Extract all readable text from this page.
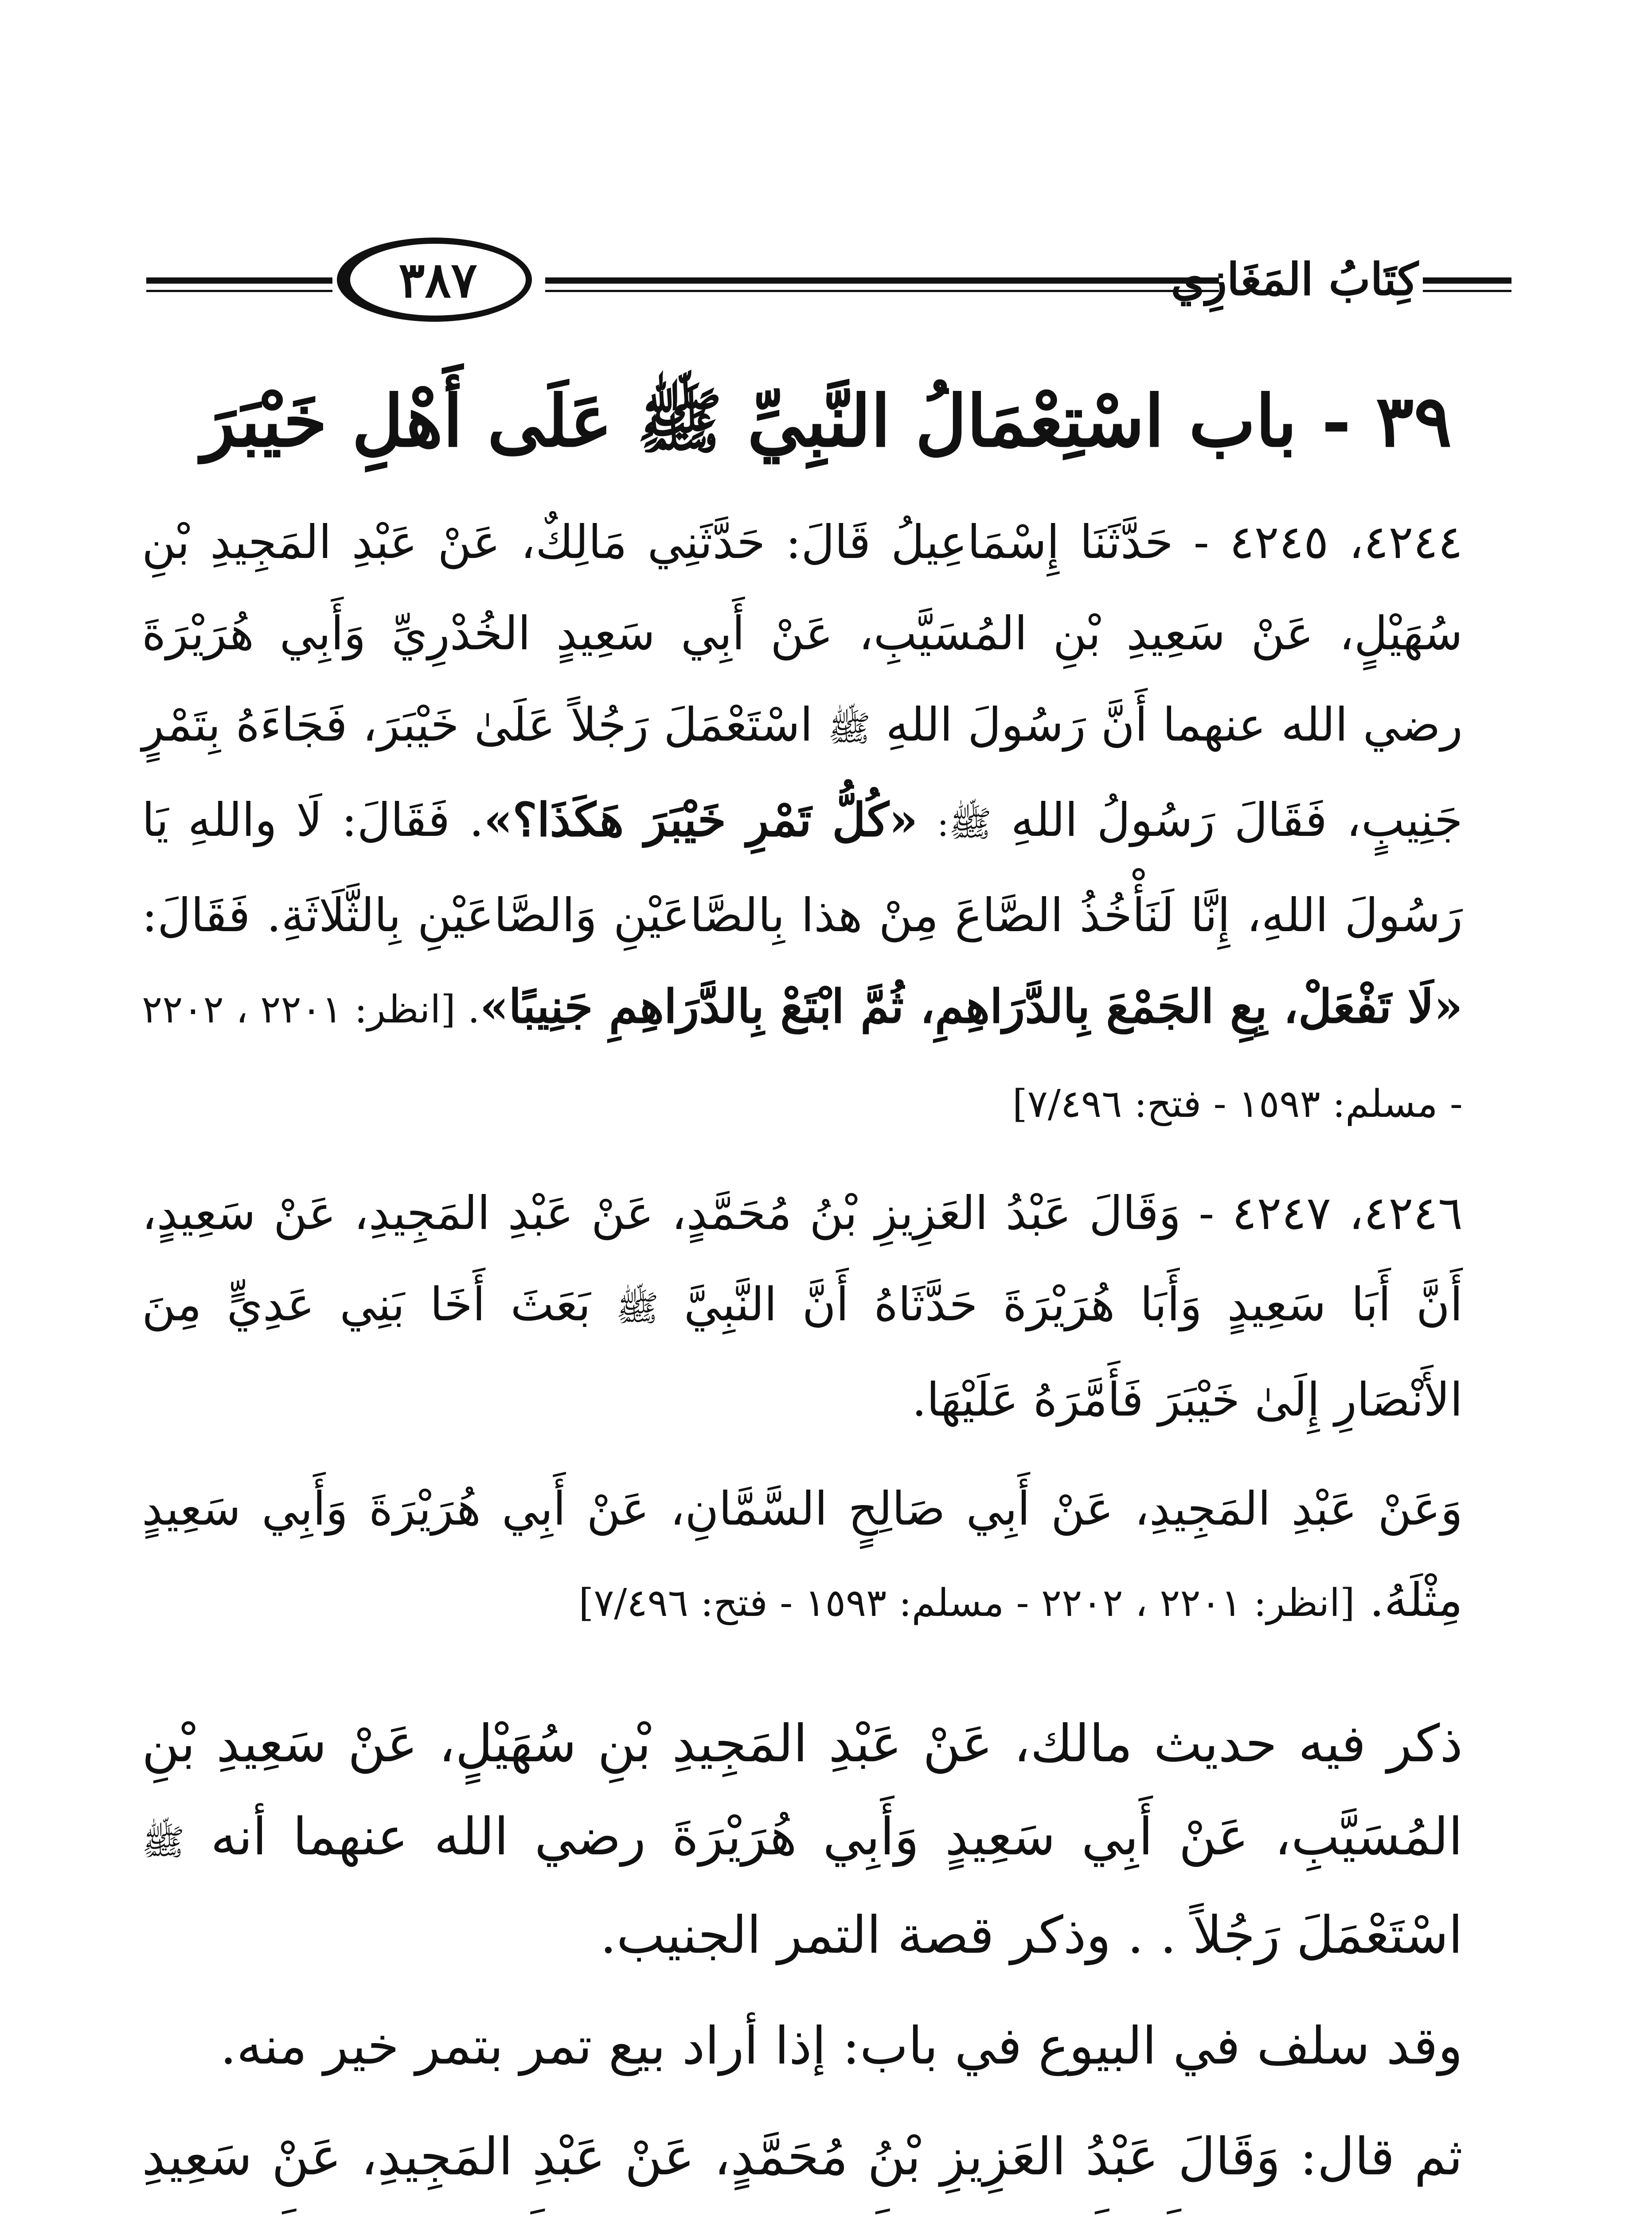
٣٨٧	كِتَابُ المَغَازِي
٣٩ - باب اسْتِعْمَالُ النَّبِيِّ ﷺ عَلَى أَهْلِ خَيْبَرَ

٤٢٤٤، ٤٢٤٥ - حَدَّثَنَا إِسْمَاعِيلُ قَالَ: حَدَّثَنِي مَالِكٌ، عَنْ عَبْدِ المَجِيدِ بْنِ سُهَيْلٍ، عَنْ سَعِيدِ بْنِ المُسَيَّبِ، عَنْ أَبِي سَعِيدٍ الخُدْرِيِّ وَأَبِي هُرَيْرَةَ رضي الله عنهما أَنَّ رَسُولَ اللهِ ﷺ اسْتَعْمَلَ رَجُلاً عَلَىٰ خَيْبَرَ، فَجَاءَهُ بِتَمْرٍ جَنِيبٍ، فَقَالَ رَسُولُ اللهِ ﷺ: «كُلُّ تَمْرِ خَيْبَرَ هَكَذَا؟». فَقَالَ: لَا واللهِ يَا رَسُولَ اللهِ، إِنَّا لَنَأْخُذُ الصَّاعَ مِنْ هذا بِالصَّاعَيْنِ وَالصَّاعَيْنِ بِالثَّلَاثَةِ. فَقَالَ: «لَا تَفْعَلْ، بِعِ الجَمْعَ بِالدَّرَاهِمِ، ثُمَّ ابْتَعْ بِالدَّرَاهِمِ جَنِيبًا». [انظر: ٢٢٠١ ، ٢٢٠٢ - مسلم: ١٥٩٣ - فتح: ٧/٤٩٦]

٤٢٤٦، ٤٢٤٧ - وَقَالَ عَبْدُ العَزِيزِ بْنُ مُحَمَّدٍ، عَنْ عَبْدِ المَجِيدِ، عَنْ سَعِيدٍ، أَنَّ أَبَا سَعِيدٍ وَأَبَا هُرَيْرَةَ حَدَّثَاهُ أَنَّ النَّبِيَّ ﷺ بَعَثَ أَخَا بَنِي عَدِيٍّ مِنَ الأَنْصَارِ إِلَىٰ خَيْبَرَ فَأَمَّرَهُ عَلَيْهَا.

وَعَنْ عَبْدِ المَجِيدِ، عَنْ أَبِي صَالِحٍ السَّمَّانِ، عَنْ أَبِي هُرَيْرَةَ وَأَبِي سَعِيدٍ مِثْلَهُ. [انظر: ٢٢٠١ ، ٢٢٠٢ - مسلم: ١٥٩٣ - فتح: ٧/٤٩٦]

ذكر فيه حديث مالك، عَنْ عَبْدِ المَجِيدِ بْنِ سُهَيْلٍ، عَنْ سَعِيدِ بْنِ المُسَيَّبِ، عَنْ أَبِي سَعِيدٍ وَأَبِي هُرَيْرَةَ رضي الله عنهما أنه ﷺ اسْتَعْمَلَ رَجُلاً . . وذكر قصة التمر الجنيب.

وقد سلف في البيوع في باب: إذا أراد بيع تمر بتمر خير منه.

ثم قال: وَقَالَ عَبْدُ العَزِيزِ بْنُ مُحَمَّدٍ، عَنْ عَبْدِ المَجِيدِ، عَنْ سَعِيدِ
